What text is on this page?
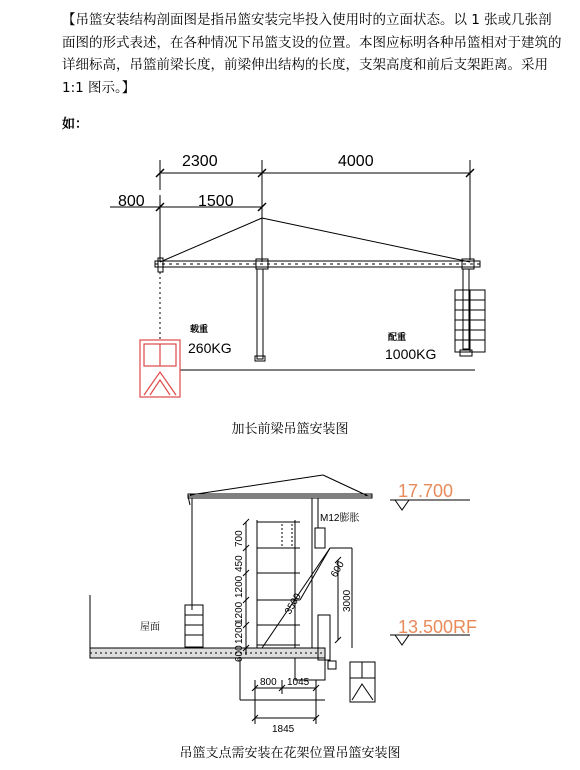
【吊篮安装结构剖面图是指吊篮安装完毕投入使用时的立面状态。以 1 张或几张剖面图的形式表述，在各种情况下吊篮支设的位置。本图应标明各种吊篮相对于建筑的详细标高，吊篮前梁长度，前梁伸出结构的长度，支架高度和前后支架距离。采用 1:1 图示。】
如：
800	1500
2300	4000
载重
260KG
配重
1000KG
加长前梁吊篮安装图
17.700
13.500RF
M12膨胀
屋面
700
450
1200
1200
1200
600
3500	3000
600
800 1045
1845
吊篮支点需安装在花架位置吊篮安装图
